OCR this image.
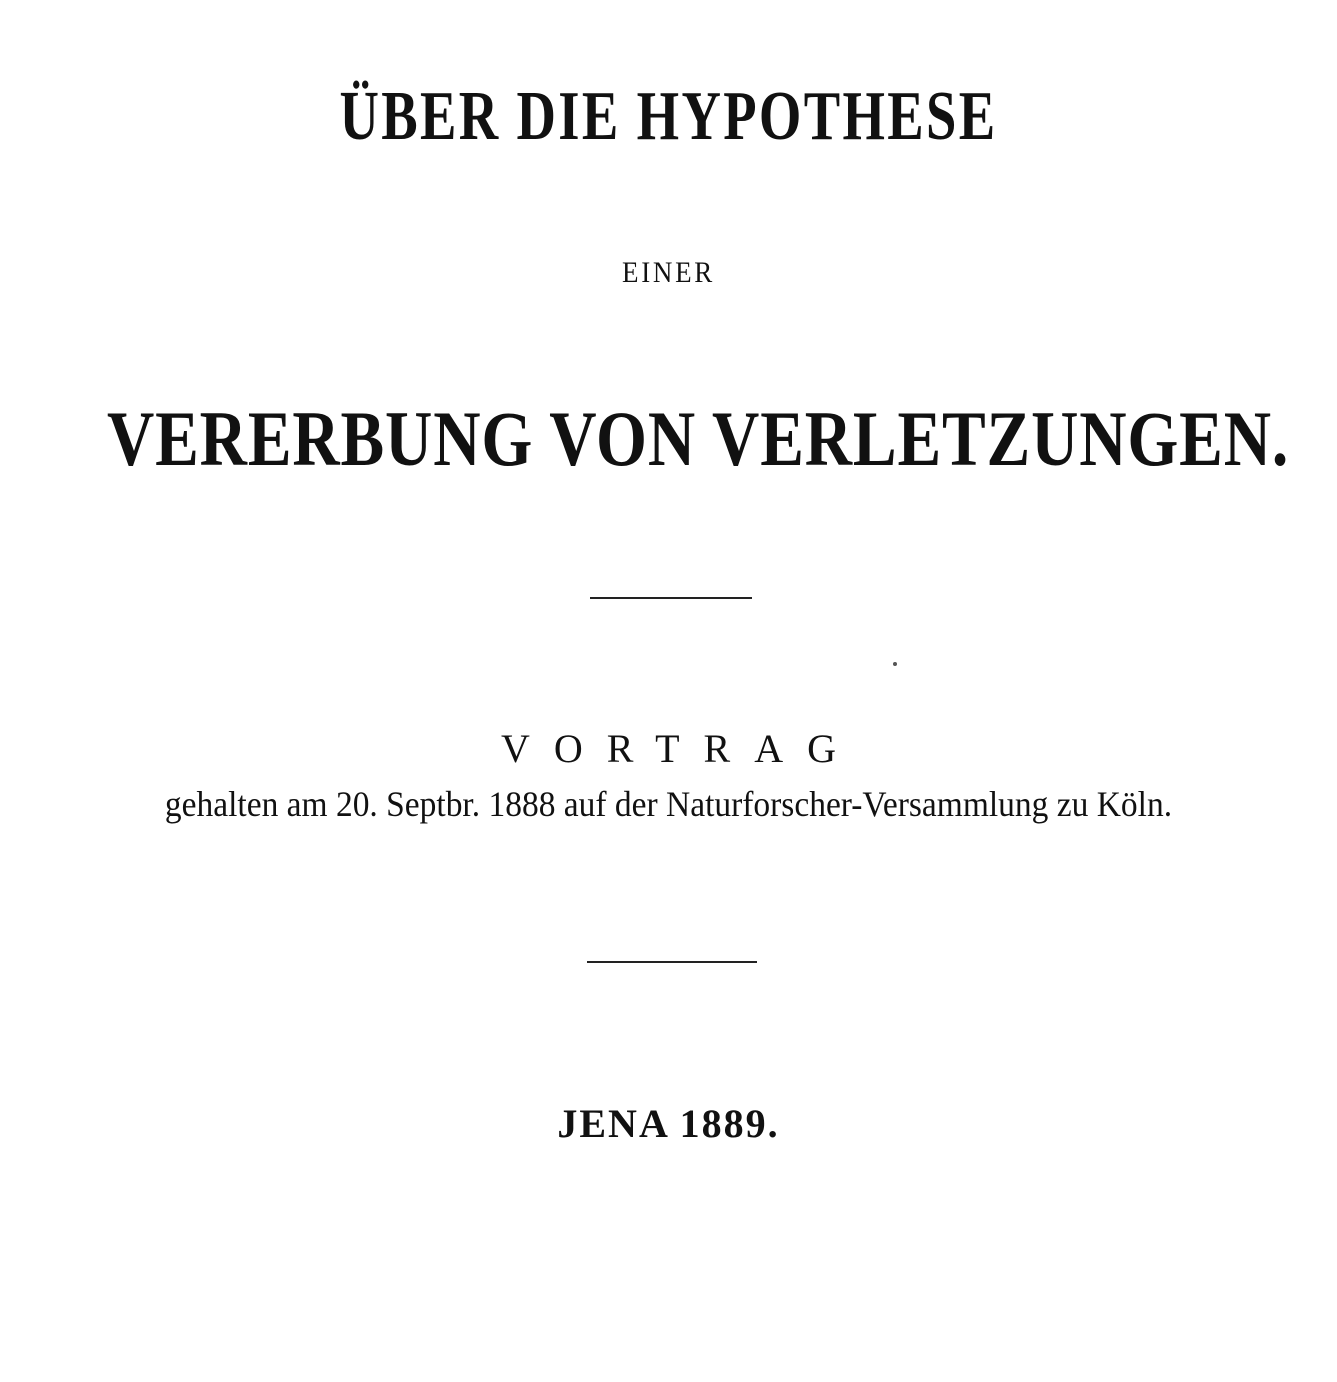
ÜBER DIE HYPOTHESE
EINER
VERERBUNG VON VERLETZUNGEN.
VORTRAG
gehalten am 20. Septbr. 1888 auf der Naturforscher-Versammlung zu Köln.
JENA 1889.
